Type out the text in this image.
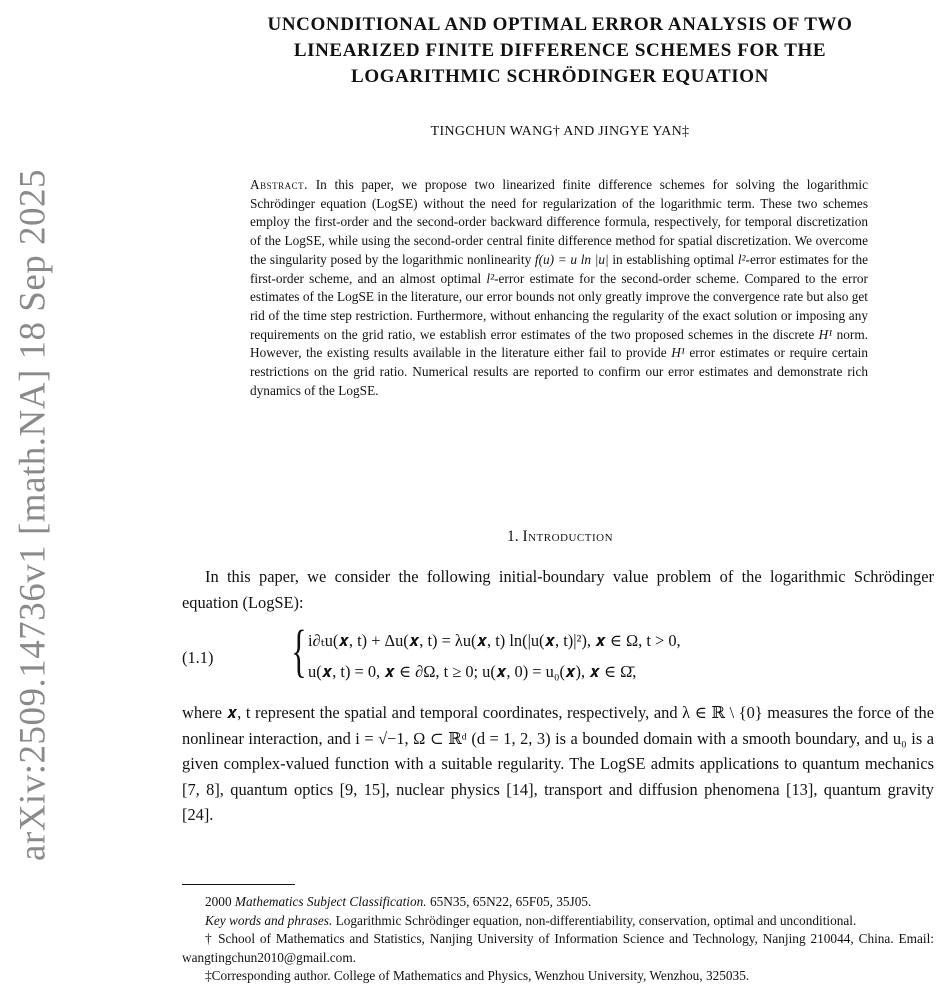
arXiv:2509.14736v1 [math.NA] 18 Sep 2025
UNCONDITIONAL AND OPTIMAL ERROR ANALYSIS OF TWO
LINEARIZED FINITE DIFFERENCE SCHEMES FOR THE
LOGARITHMIC SCHRÖDINGER EQUATION
TINGCHUN WANG† AND JINGYE YAN‡
Abstract. In this paper, we propose two linearized finite difference schemes for solving the logarithmic Schrödinger equation (LogSE) without the need for regularization of the logarithmic term. These two schemes employ the first-order and the second-order backward difference formula, respectively, for temporal discretization of the LogSE, while using the second-order central finite difference method for spatial discretization. We overcome the singularity posed by the logarithmic nonlinearity f(u) = u ln |u| in establishing optimal l²-error estimates for the first-order scheme, and an almost optimal l²-error estimate for the second-order scheme. Compared to the error estimates of the LogSE in the literature, our error bounds not only greatly improve the convergence rate but also get rid of the time step restriction. Furthermore, without enhancing the regularity of the exact solution or imposing any requirements on the grid ratio, we establish error estimates of the two proposed schemes in the discrete H¹ norm. However, the existing results available in the literature either fail to provide H¹ error estimates or require certain restrictions on the grid ratio. Numerical results are reported to confirm our error estimates and demonstrate rich dynamics of the LogSE.
1. Introduction
In this paper, we consider the following initial-boundary value problem of the logarithmic Schrödinger equation (LogSE):
(1.1) { i∂ₜu(𝒙, t) + Δu(𝒙, t) = λu(𝒙, t) ln(|u(𝒙, t)|²), 𝒙 ∈ Ω, t > 0,
u(𝒙, t) = 0, 𝒙 ∈ ∂Ω, t ≥ 0; u(𝒙, 0) = u₀(𝒙), 𝒙 ∈ Ω̄,
where 𝒙, t represent the spatial and temporal coordinates, respectively, and λ ∈ ℝ \ {0} measures the force of the nonlinear interaction, and i = √−1, Ω ⊂ ℝᵈ (d = 1, 2, 3) is a bounded domain with a smooth boundary, and u₀ is a given complex-valued function with a suitable regularity. The LogSE admits applications to quantum mechanics [7, 8], quantum optics [9, 15], nuclear physics [14], transport and diffusion phenomena [13], quantum gravity [24].

2000 Mathematics Subject Classification. 65N35, 65N22, 65F05, 35J05.

Key words and phrases. Logarithmic Schrödinger equation, non-differentiability, conservation, optimal and unconditional.

† School of Mathematics and Statistics, Nanjing University of Information Science and Technology, Nanjing 210044, China. Email: wangtingchun2010@gmail.com.

‡Corresponding author. College of Mathematics and Physics, Wenzhou University, Wenzhou, 325035.
